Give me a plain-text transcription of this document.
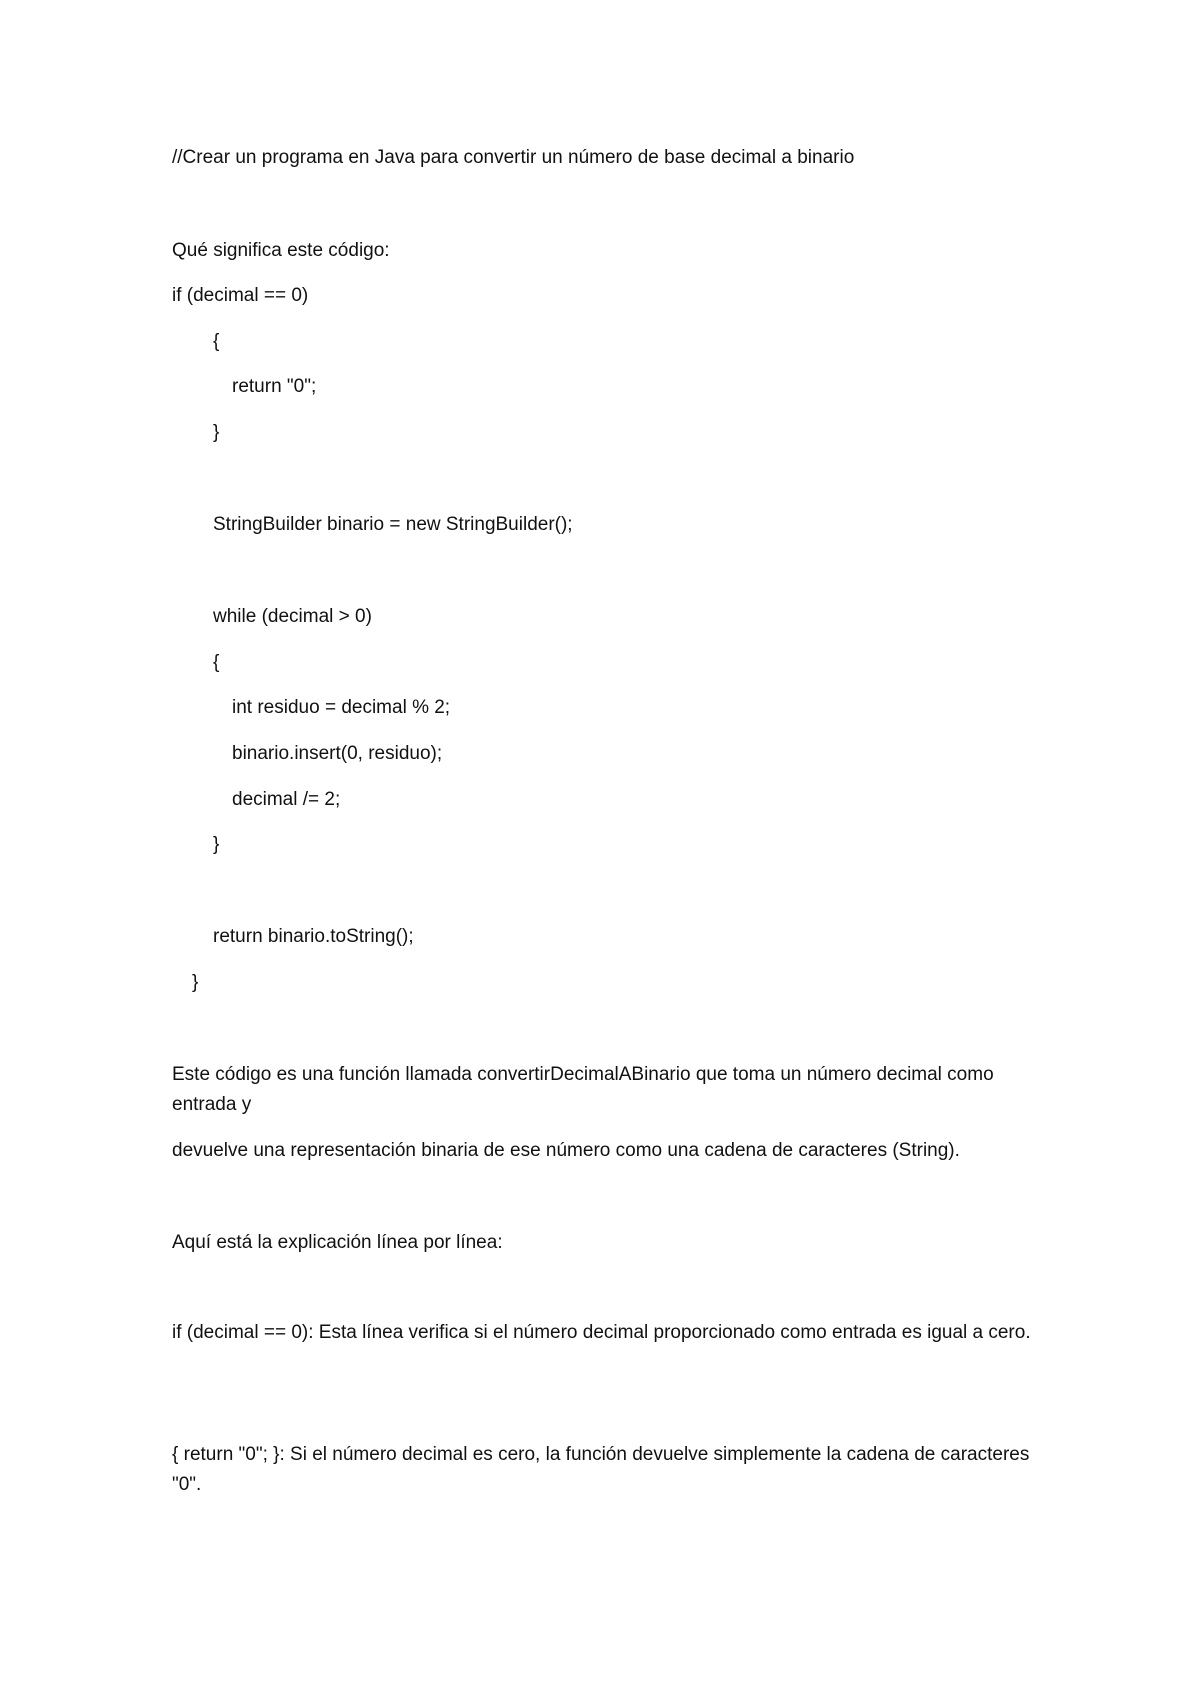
//Crear un programa en Java para convertir un número de base decimal a binario

Qué significa este código:

if (decimal == 0)

{

return "0";

}

StringBuilder binario = new StringBuilder();

while (decimal > 0)

{

int residuo = decimal % 2;

binario.insert(0, residuo);

decimal /= 2;

}

return binario.toString();

}

Este código es una función llamada convertirDecimalABinario que toma un número decimal como entrada y

devuelve una representación binaria de ese número como una cadena de caracteres (String).

Aquí está la explicación línea por línea:

if (decimal == 0): Esta línea verifica si el número decimal proporcionado como entrada es igual a cero.

{ return "0"; }: Si el número decimal es cero, la función devuelve simplemente la cadena de caracteres "0".
